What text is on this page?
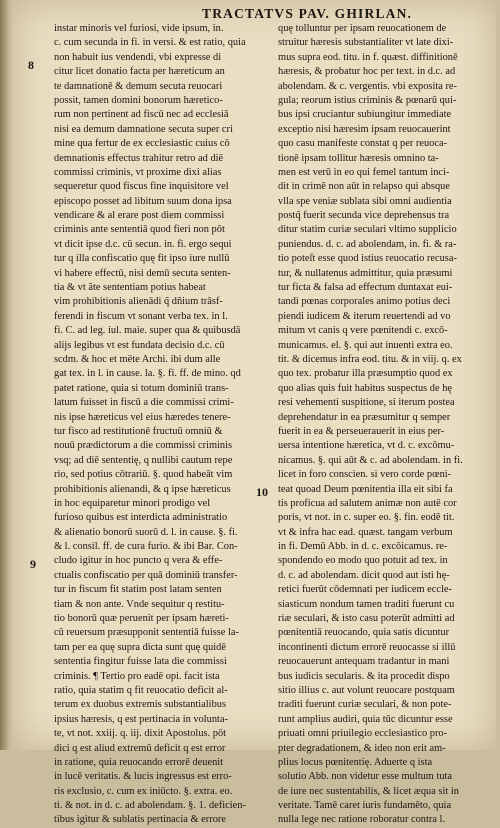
TRACTATVS PAV. GHIRLAN.
instar minoris vel furiosi, vide ipsum, in.
c. cum secunda in fi. in versi. & est ratio, quia
non habuit ius vendendi, vbi expresse di
citur licet donatio facta per hæreticum an
te damnationē & demum secuta reuocari
possit, tamen domini bonorum hæretico-
rum non pertinent ad fiscū nec ad ecclesiā
nisi ea demum damnatione secuta super cri
mine qua fertur de ex ecclesiastic cuius cō
demnationis effectus trahitur retro ad diē
commissi criminis, vt proxime dixi alias
sequeretur quod fiscus fine inquisitore vel
episcopo posset ad libitum suum dona ipsa
vendicare & al erare post diem commissi
criminis ante sententiā quod fieri non pōt
vt dicit ipse d.c. cū secun. in. fi. ergo sequi
tur q illa confiscatio quę fit ipso iure nullū
vi habere effectū, nisi demū secuta senten-
tia & vt ãte sententiam potius habeat
vim prohibitionis alienādi q̃ dñium trāsf-
ferendi in fiscum vt sonant verba tex. in l.
fi. C. ad leg. iul. maie. super qua & quibusdā
alijs legibus vt est fundata decisio d.c. cū
scdm. & hoc et mēte Archi. ibi dum alle
gat tex. in l. in cause. la. §. fi. ff. de mino. qd
patet ratione, quia si totum dominiū trans-
latum fuisset in fiscū a die commissi crimi-
nis ipse hæreticus vel eius hæredes tenere-
tur fisco ad restitutionē fructuū omniū &
nouū prædictorum a die commissi criminis
vsq; ad diē sententię, q nullibi cautum repe
rio, sed potius cōtrariū. §. quod habeāt vim
prohibitionis alienandi, & q ipse hæreticus
in hoc equiparetur minori prodigo vel
furioso quibus est interdicta administratio
& alienatio bonorū suorū d. l. in cause. §. fi.
& l. consil. ff. de cura furio. & ibi Bar. Con-
cludo igitur in hoc puncto q vera & effe-
ctualis confiscatio per quā dominiū transfer-
tur in fiscum fit statim post latam senten
tiam & non ante. Vnde sequitur q restitu-
tio bonorū quæ peruenit per ipsam hæreti-
cū reuersum præsupponit sententiā fuisse la-
tam per ea quę supra dicta sunt quę quidē
sententia fingitur fuisse lata die commissi
criminis. ¶ Tertio pro eadē opi. facit ista
ratio, quia statim q fit reuocatio deficit al-
terum ex duobus extremis substantialibus
ipsius hæresis, q est pertinacia in volunta-
te, vt not. xxiij. q. iij. dixit Apostolus. pōt
dici q est aliud extremū deficit q est error
in ratione, quia reuocando errorē deuenit
in lucē veritatis. & lucis ingressus est erro-
ris exclusio, c. cum ex iniūcto. §. extra. eo.
ti. & not. in d. c. ad abolendam. §. 1. deficien-
tibus igitur & sublatis pertinacia & errore
quę tolluntur per ipsam reuocationem de
struitur hæresis substantialiter vt late dixi-
mus supra eod. titu. in f. quæst. diffinitionē
hæresis, & probatur hoc per text. in d.c. ad
abolendam. & c. vergentis. vbi exposita re-
gula; reorum istius criminis & pœnarū qui-
bus ipsi cruciantur subiungitur immediate
exceptio nisi hæresim ipsam reuocauerint
quo casu manifeste constat q per reuoca-
tionē ipsam tollitur hæresis omnino ta-
men est verū in eo qui femel tantum inci-
dit in crimē non aūt in relapso qui absque
vlla spe veniæ sublata sibi omni audientia
postq̃ fuerit secunda vice deprehensus tra
ditur statim curiæ seculari vltimo supplicio
puniendus. d. c. ad abolendam, in. fi. & ra-
tio poteſt esse quod istius reuocatio recusa-
tur, & nullatenus admittitur, quia præsumi
tur ficta & falsa ad effectum duntaxat eui-
tandi pœnas corporales animo potius deci
piendi iudicem & iterum reuertendi ad vo
mitum vt canis q vere pœnitendi c. excō-
municamus. el. §. qui aut inuenti extra eo.
tit. & dicemus infra eod. titu. & in viij. q. ex
quo tex. probatur illa præsumptio quod ex
quo alias quis fuit habitus suspectus de hę
resi vehementi suspitione, si iterum postea
deprehendatur in ea præsumitur q semper
fuerit in ea & perseuerauerit in eius per-
uersa intentione hæretica, vt d. c. excōmu-
nicamus. §. qui aūt & c. ad abolendam. in fi.
licet in foro conscien. si vero corde pœni-
teat quoad Deum pœnitentia illa eit sibi fa
tis proficua ad salutem animæ non autē cor
poris, vt not. in c. super eo. §. fin. eodē tit.
vt & infra hac ead. quæst. tangam verbum
in fi. Demū Abb. in d. c. excōicamus. re-
spondendo eo modo quo potuit ad tex. in
d. c. ad abolendam. dicit quod aut isti hę-
retici fuerūt cōdemnati per iudicem eccle-
siasticum nondum tamen traditi fuerunt cu
riæ seculari, & isto casu poterūt admitti ad
pœnitentiā reuocando, quia satis dicuntur
incontinenti dictum errorē reuocasse si illū
reuocauerunt antequam tradantur in mani
bus iudicis secularis. & ita procedit dispo
sitio illius c. aut volunt reuocare postquam
traditi fuerunt curiæ seculari, & non pote-
runt amplius audiri, quia tūc dicuntur esse
priuati omni priuilegio ecclesiastico pro-
pter degradationem, & ideo non erit am-
plius locus pœnitentię. Aduerte q ista
solutio Abb. non videtur esse multum tuta
de iure nec sustentabilis, & licet æqua sit in
veritate. Tamē caret iuris fundamēto, quia
nulla lege nec ratione roboratur contra l.
8
9
10
